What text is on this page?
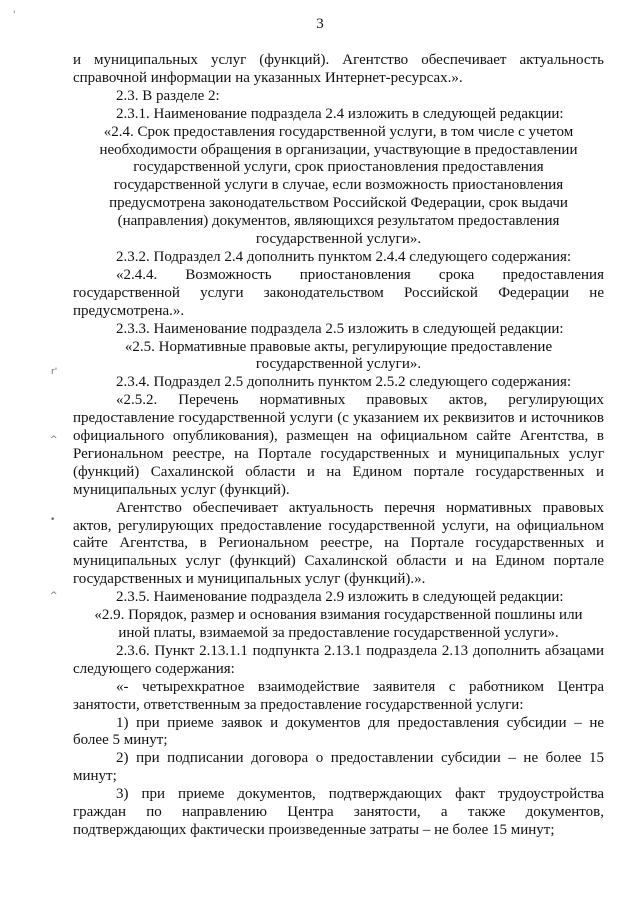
3
'
r'
^
•
^

и муниципальных услуг (функций). Агентство обеспечивает актуальность справочной информации на указанных Интернет-ресурсах.».

2.3. В разделе 2:

2.3.1. Наименование подраздела 2.4 изложить в следующей редакции:

«2.4. Срок предоставления государственной услуги, в том числе с учетом необходимости обращения в организации, участвующие в предоставлении государственной услуги, срок приостановления предоставления государственной услуги в случае, если возможность приостановления предусмотрена законодательством Российской Федерации, срок выдачи (направления) документов, являющихся результатом предоставления государственной услуги».

2.3.2. Подраздел 2.4 дополнить пунктом 2.4.4 следующего содержания:

«2.4.4. Возможность приостановления срока предоставления государственной услуги законодательством Российской Федерации не предусмотрена.».

2.3.3. Наименование подраздела 2.5 изложить в следующей редакции:

«2.5. Нормативные правовые акты, регулирующие предоставление государственной услуги».

2.3.4. Подраздел 2.5 дополнить пунктом 2.5.2 следующего содержания:

«2.5.2. Перечень нормативных правовых актов, регулирующих предоставление государственной услуги (с указанием их реквизитов и источников официального опубликования), размещен на официальном сайте Агентства, в Региональном реестре, на Портале государственных и муниципальных услуг (функций) Сахалинской области и на Едином портале государственных и муниципальных услуг (функций).

Агентство обеспечивает актуальность перечня нормативных правовых актов, регулирующих предоставление государственной услуги, на официальном сайте Агентства, в Региональном реестре, на Портале государственных и муниципальных услуг (функций) Сахалинской области и на Едином портале государственных и муниципальных услуг (функций).».

2.3.5. Наименование подраздела 2.9 изложить в следующей редакции:

«2.9. Порядок, размер и основания взимания государственной пошлины или иной платы, взимаемой за предоставление государственной услуги».

2.3.6. Пункт 2.13.1.1 подпункта 2.13.1 подраздела 2.13 дополнить абзацами следующего содержания:

«- четырехкратное взаимодействие заявителя с работником Центра занятости, ответственным за предоставление государственной услуги:

1) при приеме заявок и документов для предоставления субсидии – не более 5 минут;

2) при подписании договора о предоставлении субсидии – не более 15 минут;

3) при приеме документов, подтверждающих факт трудоустройства граждан по направлению Центра занятости, а также документов, подтверждающих фактически произведенные затраты – не более 15 минут;
